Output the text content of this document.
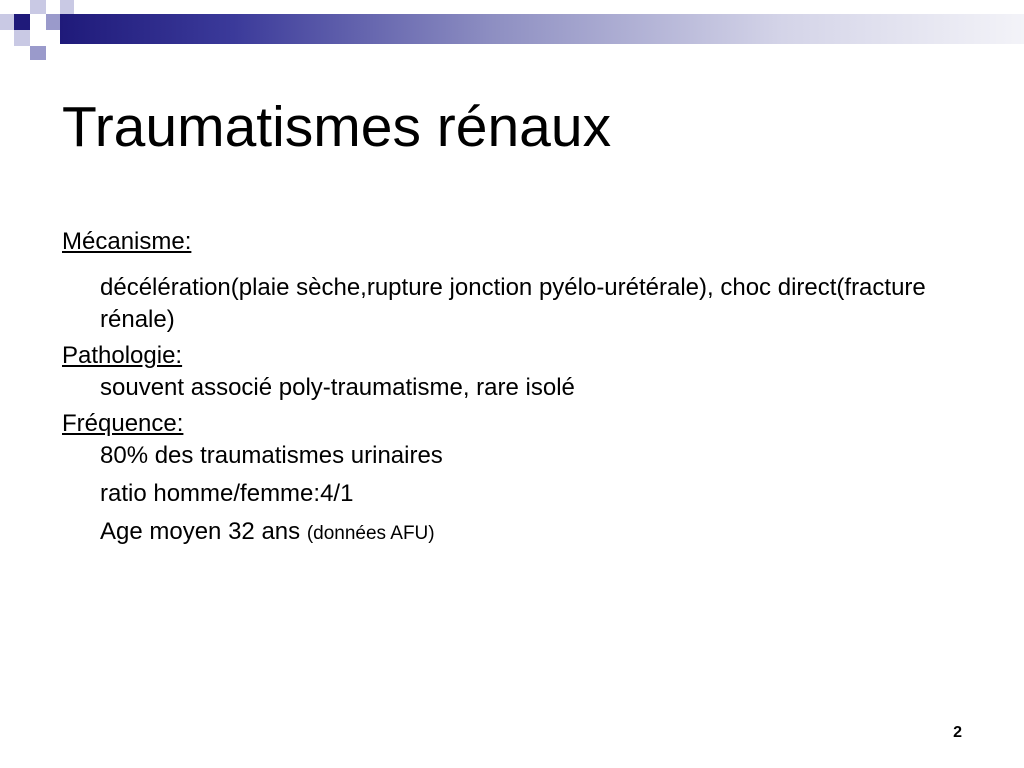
Traumatismes rénaux

Mécanisme:

décélération(plaie sèche,rupture jonction pyélo-urétérale), choc direct(fracture rénale)

Pathologie:

souvent associé poly-traumatisme, rare isolé

Fréquence:

80% des traumatismes urinaires

ratio homme/femme:4/1

Age moyen 32 ans (données AFU)

2
